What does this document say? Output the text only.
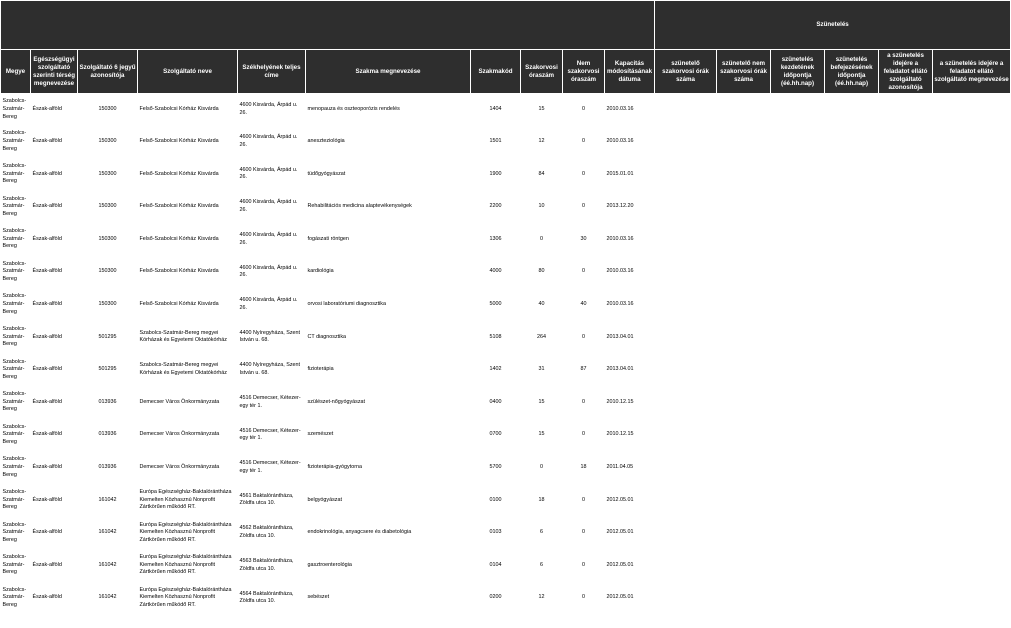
										Szünetelés					
Megye	Egészségügyi szolgáltató szerinti térség megnevezése	Szolgáltató 6 jegyű azonosítója	Szolgáltató neve	Székhelyének teljes címe	Szakma megnevezése	Szakmakód	Szakorvosi óraszám	Nem szakorvosi óraszám	Kapacitás módosításának dátuma	szünetelő szakorvosi órák száma	szünetelő nem szakorvosi órák száma	szünetelés kezdetének időpontja (éé.hh.nap)	szünetelés befejezésének időpontja (éé.hh.nap)	a szünetelés idejére a feladatot ellátó szolgáltató azonosítója	a szünetelés idejére a feladatot ellátó szolgáltató megnevezése
Szabolcs-Szatmár-Bereg	Észak-alföld	150300	Felső-Szabolcsi Kórház Kisvárda	4600 Kisvárda, Árpád u. 26.	menopauza és oszteoporózis rendelés	1404	15	0	2010.03.16						
Szabolcs-Szatmár-Bereg	Észak-alföld	150300	Felső-Szabolcsi Kórház Kisvárda	4600 Kisvárda, Árpád u. 26.	aneszteziológia	1501	12	0	2010.03.16						
Szabolcs-Szatmár-Bereg	Észak-alföld	150300	Felső-Szabolcsi Kórház Kisvárda	4600 Kisvárda, Árpád u. 26.	tüdőgyógyászat	1900	84	0	2015.01.01						
Szabolcs-Szatmár-Bereg	Észak-alföld	150300	Felső-Szabolcsi Kórház Kisvárda	4600 Kisvárda, Árpád u. 26.	Rehabilitációs medicina alaptevékenységek	2200	10	0	2013.12.20						
Szabolcs-Szatmár-Bereg	Észak-alföld	150300	Felső-Szabolcsi Kórház Kisvárda	4600 Kisvárda, Árpád u. 26.	fogászati röntgen	1306	0	30	2010.03.16						
Szabolcs-Szatmár-Bereg	Észak-alföld	150300	Felső-Szabolcsi Kórház Kisvárda	4600 Kisvárda, Árpád u. 26.	kardiológia	4000	80	0	2010.03.16						
Szabolcs-Szatmár-Bereg	Észak-alföld	150300	Felső-Szabolcsi Kórház Kisvárda	4600 Kisvárda, Árpád u. 26.	orvosi laboratóriumi diagnosztika	5000	40	40	2010.03.16						
Szabolcs-Szatmár-Bereg	Észak-alföld	501295	Szabolcs-Szatmár-Bereg megyei Kórházak és Egyetemi Oktatókórház	4400 Nyíregyháza, Szent István u. 68.	CT diagnosztika	5108	264	0	2013.04.01						
Szabolcs-Szatmár-Bereg	Észak-alföld	501295	Szabolcs-Szatmár-Bereg megyei Kórházak és Egyetemi Oktatókórház	4400 Nyíregyháza, Szent István u. 68.	fizioterápia	1402	31	87	2013.04.01						
Szabolcs-Szatmár-Bereg	Észak-alföld	013936	Demecser Város Önkormányzata	4516 Demecser, Kétezer-egy tér 1.	szülészet-nőgyógyászat	0400	15	0	2010.12.15						
Szabolcs-Szatmár-Bereg	Észak-alföld	013936	Demecser Város Önkormányzata	4516 Demecser, Kétezer-egy tér 1.	szemészet	0700	15	0	2010.12.15						
Szabolcs-Szatmár-Bereg	Észak-alföld	013936	Demecser Város Önkormányzata	4516 Demecser, Kétezer-egy tér 1.	fizioterápia-gyógytorna	5700	0	18	2011.04.05						
Szabolcs-Szatmár-Bereg	Észak-alföld	161042	Európa Egészségház-Baktalórántháza Kiemelten Közhasznú Nonprofit Zártkörűen működő RT.	4561 Baktalórántháza, Zöldfa utca 10.	belgyógyászat	0100	18	0	2012.05.01						
Szabolcs-Szatmár-Bereg	Észak-alföld	161042	Európa Egészségház-Baktalórántháza Kiemelten Közhasznú Nonprofit Zártkörűen működő RT.	4562 Baktalórántháza, Zöldfa utca 10.	endokrinológia, anyagcsere és diabetológia	0103	6	0	2012.05.01						
Szabolcs-Szatmár-Bereg	Észak-alföld	161042	Európa Egészségház-Baktalórántháza Kiemelten Közhasznú Nonprofit Zártkörűen működő RT.	4563 Baktalórántháza, Zöldfa utca 10.	gasztroenterológia	0104	6	0	2012.05.01						
Szabolcs-Szatmár-Bereg	Észak-alföld	161042	Európa Egészségház-Baktalórántháza Kiemelten Közhasznú Nonprofit Zártkörűen működő RT.	4564 Baktalórántháza, Zöldfa utca 10.	sebészet	0200	12	0	2012.05.01						
